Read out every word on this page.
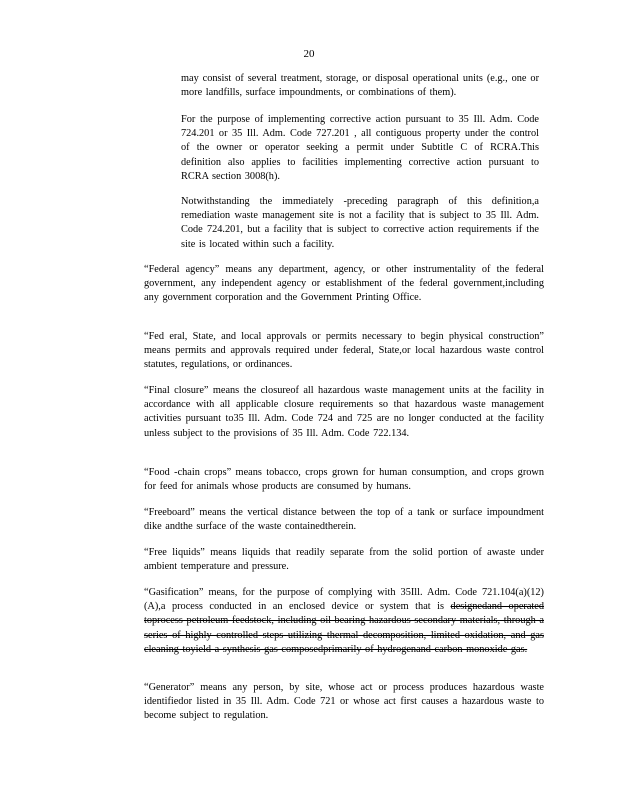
20

may consist of several treatment, storage, or disposal operational units (e.g., one or more landfills, surface impoundments, or combinations of them).

For the purpose of implementing corrective action pursuant to 35 Ill. Adm. Code 724.201 or 35 Ill. Adm. Code 727.201 , all contiguous property under the control of the owner or operator seeking a permit under Subtitle C of RCRA.This definition also applies to facilities implementing corrective action pursuant to RCRA section 3008(h).

Notwithstanding the immediately -preceding paragraph of this definition,a remediation waste management site is not a facility that is subject to 35 Ill. Adm. Code 724.201, but a facility that is subject to corrective action requirements if the site is located within such a facility.

“Federal agency” means any department, agency, or other instrumentality of the federal government, any independent agency or establishment of the federal government,including any government corporation and the Government Printing Office.

“Fed eral, State, and local approvals or permits necessary to begin physical construction” means permits and approvals required under federal, State,or local hazardous waste control statutes, regulations, or ordinances.

“Final closure” means the closureof all hazardous waste management units at the facility in accordance with all applicable closure requirements so that hazardous waste management activities pursuant to35 Ill. Adm. Code 724 and 725 are no longer conducted at the facility unless subject to the provisions of 35 Ill. Adm. Code 722.134.

“Food -chain crops” means tobacco, crops grown for human consumption, and crops grown for feed for animals whose products are consumed by humans.

“Freeboard” means the vertical distance between the top of a tank or surface impoundment dike andthe surface of the waste containedtherein.

“Free liquids” means liquids that readily separate from the solid portion of awaste under ambient temperature and pressure.

“Gasification” means, for the purpose of complying with 35Ill. Adm. Code 721.104(a)(12)(A),a process conducted in an enclosed device or system that is designedand operated toprocess petroleum feedstock, including oil-bearing hazardous secondary materials, through a series of highly controlled steps utilizing thermal decomposition, limited oxidation, and gas cleaning toyield a synthesis gas composedprimarily of hydrogenand carbon monoxide gas.

“Generator” means any person, by site, whose act or process produces hazardous waste identifiedor listed in 35 Ill. Adm. Code 721 or whose act first causes a hazardous waste to become subject to regulation.
